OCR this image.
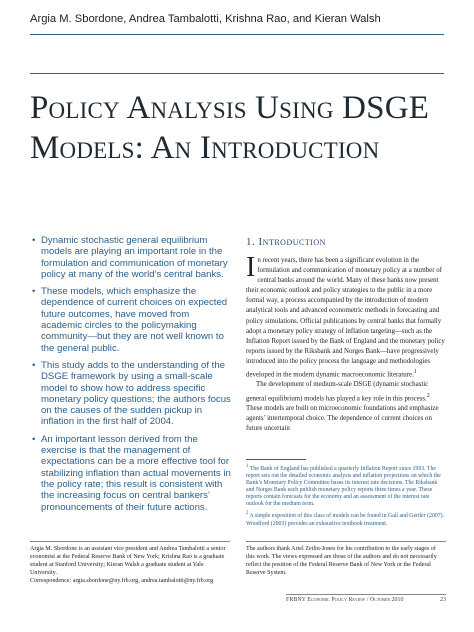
Argia M. Sbordone, Andrea Tambalotti, Krishna Rao, and Kieran Walsh
Policy Analysis Using DSGE
Models: An Introduction
• Dynamic stochastic general equilibrium models are playing an important role in the formulation and communication of monetary policy at many of the world’s central banks.
• These models, which emphasize the dependence of current choices on expected future outcomes, have moved from academic circles to the policymaking community—but they are not well known to the general public.
• This study adds to the understanding of the DSGE framework by using a small-scale model to show how to address specific monetary policy questions; the authors focus on the causes of the sudden pickup in inflation in the first half of 2004.
• An important lesson derived from the exercise is that the management of expectations can be a more effective tool for stabilizing inflation than actual movements in the policy rate; this result is consistent with the increasing focus on central bankers’ pronouncements of their future actions.
1. Introduction

In recent years, there has been a significant evolution in the formulation and communication of monetary policy at a number of central banks around the world. Many of these banks now present their economic outlook and policy strategies to the public in a more formal way, a process accompanied by the introduction of modern analytical tools and advanced econometric methods in forecasting and policy simulations. Official publications by central banks that formally adopt a monetary policy strategy of inflation targeting—such as the Inflation Report issued by the Bank of England and the monetary policy reports issued by the Riksbank and Norges Bank—have progressively introduced into the policy process the language and methodologies developed in the modern dynamic macroeconomic literature.$^1$

The development of medium-scale DSGE (dynamic stochastic general equilibrium) models has played a key role in this process.$^2$ These models are built on microeconomic foundations and emphasize agents’ intertemporal choice. The dependence of current choices on future uncertain

$^1$ The Bank of England has published a quarterly Inflation Report since 1993. The report sets out the detailed economic analysis and inflation projections on which the Bank’s Monetary Policy Committee bases its interest rate decisions. The Riksbank and Norges Bank each publish monetary policy reports three times a year. These reports contain forecasts for the economy and an assessment of the interest rate outlook for the medium term.

$^2$ A simple exposition of this class of models can be found in Galí and Gertler (2007). Woodford (2003) provides an exhaustive textbook treatment.

Argia M. Sbordone is an assistant vice president and Andrea Tambalotti a senior economist at the Federal Reserve Bank of New York; Krishna Rao is a graduate student at Stanford University; Kieran Walsh a graduate student at Yale University.
Correspondence: argia.sbordone@ny.frb.org, andrea.tambalotti@ny.frb.org
The authors thank Ariel Zetlin-Jones for his contribution to the early stages of this work. The views expressed are those of the authors and do not necessarily reflect the position of the Federal Reserve Bank of New York or the Federal Reserve System.
FRBNY Economic Policy Review / October 2010	23
